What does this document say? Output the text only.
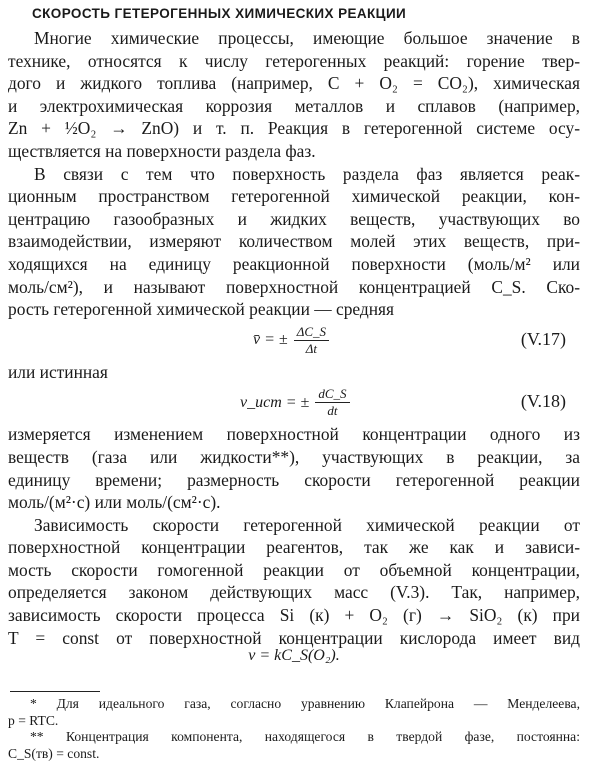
СКОРОСТЬ ГЕТЕРОГЕННЫХ ХИМИЧЕСКИХ РЕАКЦИИ
Многие химические процессы, имеющие большое значение в
технике, относятся к числу гетерогенных реакций: горение твер-
дого и жидкого топлива (например, C + O₂ = CO₂), химическая
и электрохимическая коррозия металлов и сплавов (например,
Zn + ½O₂ → ZnO) и т. п. Реакция в гетерогенной системе осу-
ществляется на поверхности раздела фаз.
В связи с тем что поверхность раздела фаз является реак-
ционным пространством гетерогенной химической реакции, кон-
центрацию газообразных и жидких веществ, участвующих во
взаимодействии, измеряют количеством молей этих веществ, при-
ходящихся на единицу реакционной поверхности (моль/м² или
моль/см²), и называют поверхностной концентрацией C_S. Ско-
рость гетерогенной химической реакции — средняя
v̄ = ± $\frac{\Delta C\_S}{\Delta t}$	(V.17)
или истинная
v_ист = ± $\frac{dC\_S}{dt}$	(V.18)
измеряется изменением поверхностной концентрации одного из
веществ (газа или жидкости**), участвующих в реакции, за
единицу времени; размерность скорости гетерогенной реакции
моль/(м²·с) или моль/(см²·с).
Зависимость скорости гетерогенной химической реакции от
поверхностной концентрации реагентов, так же как и зависи-
мость скорости гомогенной реакции от объемной концентрации,
определяется законом действующих масс (V.3). Так, например,
зависимость скорости процесса Si (к) + O₂ (г) → SiO₂ (к) при
T = const от поверхностной концентрации кислорода имеет вид
v = kC_S(O₂).
* Для идеального газа, согласно уравнению Клапейрона — Менделеева,
p = RTC.
** Концентрация компонента, находящегося в твердой фазе, постоянна:
C_S(тв) = const.
